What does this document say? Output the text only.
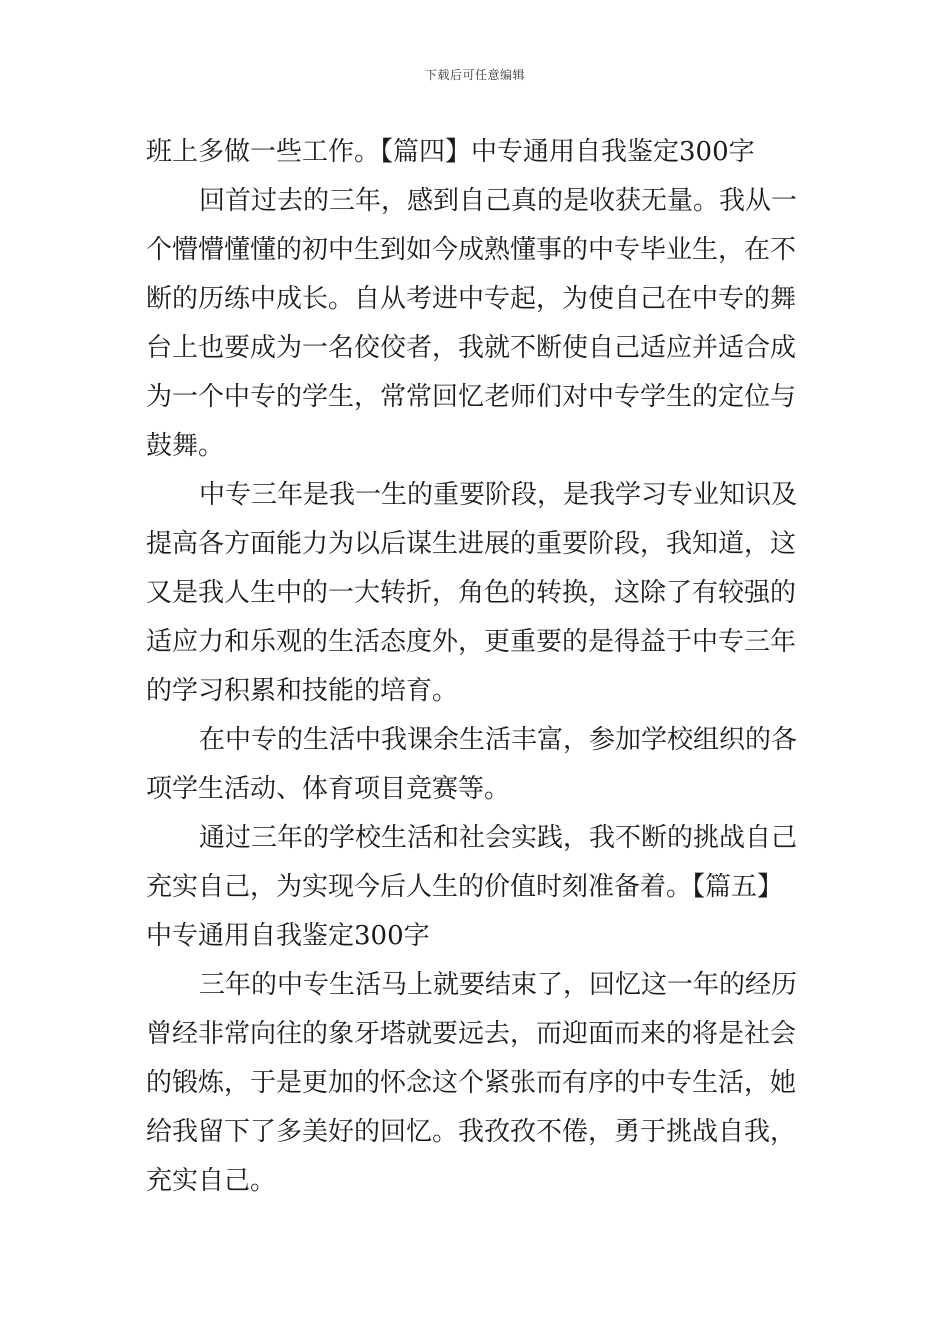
下载后可任意编辑
班上多做一些工作。【篇四】中专通用自我鉴定300字
回首过去的三年，感到自己真的是收获无量。我从一
个懵懵懂懂的初中生到如今成熟懂事的中专毕业生，在不
断的历练中成长。自从考进中专起，为使自己在中专的舞
台上也要成为一名佼佼者，我就不断使自己适应并适合成
为一个中专的学生，常常回忆老师们对中专学生的定位与
鼓舞。
中专三年是我一生的重要阶段，是我学习专业知识及
提高各方面能力为以后谋生进展的重要阶段，我知道，这
又是我人生中的一大转折，角色的转换，这除了有较强的
适应力和乐观的生活态度外，更重要的是得益于中专三年
的学习积累和技能的培育。
在中专的生活中我课余生活丰富，参加学校组织的各
项学生活动、体育项目竞赛等。
通过三年的学校生活和社会实践，我不断的挑战自己
充实自己，为实现今后人生的价值时刻准备着。【篇五】
中专通用自我鉴定300字
三年的中专生活马上就要结束了，回忆这一年的经历
曾经非常向往的象牙塔就要远去，而迎面而来的将是社会
的锻炼，于是更加的怀念这个紧张而有序的中专生活，她
给我留下了多美好的回忆。我孜孜不倦，勇于挑战自我，
充实自己。
